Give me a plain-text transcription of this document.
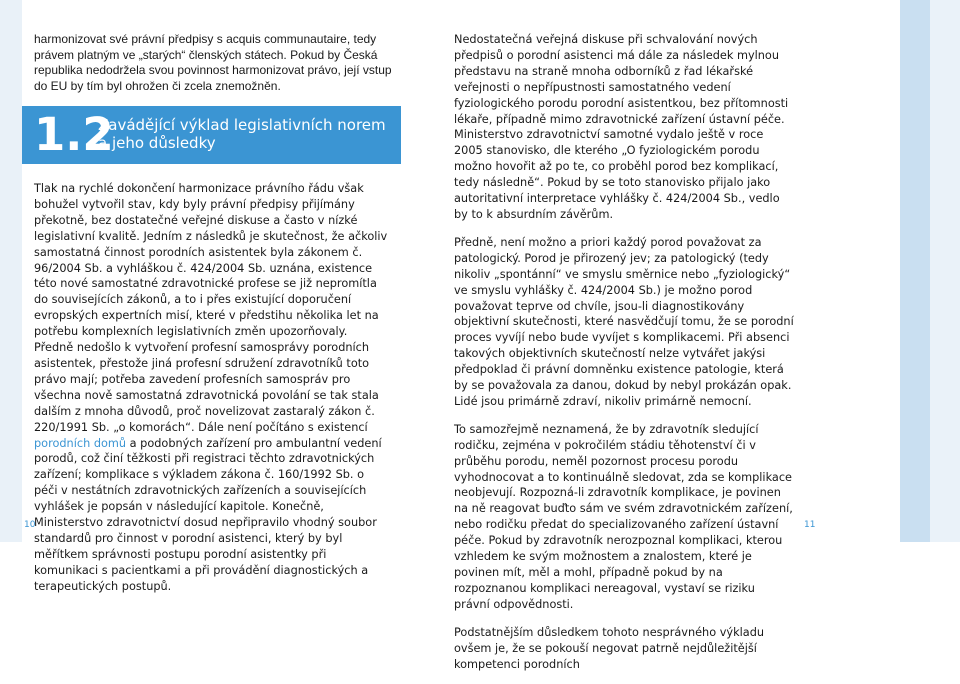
harmonizovat své právní předpisy s acquis communautaire, tedy právem platným ve „starých“ členských státech. Pokud by Česká republika nedodržela svou povinnost harmonizovat právo, její vstup do EU by tím byl ohrožen či zcela znemožněn.

1.2
Zavádějící výklad legislativních norem
a jeho důsledky

Tlak na rychlé dokončení harmonizace právního řádu však bohužel vytvořil stav, kdy byly právní předpisy přijímány překotně, bez dostatečné veřejné diskuse a často v nízké legislativní kvalitě. Jedním z následků je skutečnost, že ačkoliv samostatná činnost porodních asistentek byla zákonem č. 96/2004 Sb. a vyhláškou č. 424/2004 Sb. uznána, existence této nové samostatné zdravotnické profese se již nepromítla do souvisejících zákonů, a to i přes existující doporučení evropských expertních misí, které v předstihu několika let na potřebu komplexních legislativních změn upozorňovaly. Předně nedošlo k vytvoření profesní samosprávy porodních asistentek, přestože jiná profesní sdružení zdravotníků toto právo mají; potřeba zavedení profesních samospráv pro všechna nově samostatná zdravotnická povolání se tak stala dalším z mnoha důvodů, proč novelizovat zastaralý zákon č. 220/1991 Sb. „o komorách“. Dále není počítáno s existencí porodních domů a podobných zařízení pro ambulantní vedení porodů, což činí těžkosti při registraci těchto zdravotnických zařízení; komplikace s výkladem zákona č. 160/1992 Sb. o péči v nestátních zdravotnických zařízeních a souvisejících vyhlášek je popsán v následující kapitole. Konečně, Ministerstvo zdravotnictví dosud nepřipravilo vhodný soubor standardů pro činnost v porodní asistenci, který by byl měřítkem správnosti postupu porodní asistentky při komunikaci s pacientkami a při provádění diagnostických a terapeutických postupů.

Nedostatečná veřejná diskuse při schvalování nových předpisů o porodní asistenci má dále za následek mylnou představu na straně mnoha odborníků z řad lékařské veřejnosti o nepřípustnosti samostatného vedení fyziologického porodu porodní asistentkou, bez přítomnosti lékaře, případně mimo zdravotnické zařízení ústavní péče. Ministerstvo zdravotnictví samotné vydalo ještě v roce 2005 stanovisko, dle kterého „O fyziologickém porodu možno hovořit až po te, co proběhl porod bez komplikací, tedy následně“. Pokud by se toto stanovisko přijalo jako autoritativní interpretace vyhlášky č. 424/2004 Sb., vedlo by to k absurdním závěrům.

Předně, není možno a priori každý porod považovat za patologický. Porod je přirozený jev; za patologický (tedy nikoliv „spontánní“ ve smyslu směrnice nebo „fyziologický“ ve smyslu vyhlášky č. 424/2004 Sb.) je možno porod považovat teprve od chvíle, jsou-li diagnostikovány objektivní skutečnosti, které nasvědčují tomu, že se porodní proces vyvíjí nebo bude vyvíjet s komplikacemi. Při absenci takových objektivních skutečností nelze vytvářet jakýsi předpoklad či právní domněnku existence patologie, která by se považovala za danou, dokud by nebyl prokázán opak. Lidé jsou primárně zdraví, nikoliv primárně nemocní.

To samozřejmě neznamená, že by zdravotník sledující rodičku, zejména v pokročilém stádiu těhotenství či v průběhu porodu, neměl pozornost procesu porodu vyhodnocovat a to kontinuálně sledovat, zda se komplikace neobjevují. Rozpozná-li zdravotník komplikace, je povinen na ně reagovat buďto sám ve svém zdravotnickém zařízení, nebo rodičku předat do specializovaného zařízení ústavní péče. Pokud by zdravotník nerozpoznal komplikaci, kterou vzhledem ke svým možnostem a znalostem, které je povinen mít, měl a mohl, případně pokud by na rozpoznanou komplikaci nereagoval, vystaví se riziku právní odpovědnosti.

Podstatnějším důsledkem tohoto nesprávného výkladu ovšem je, že se pokouší negovat patrně nejdůležitější kompetenci porodních

10	11
